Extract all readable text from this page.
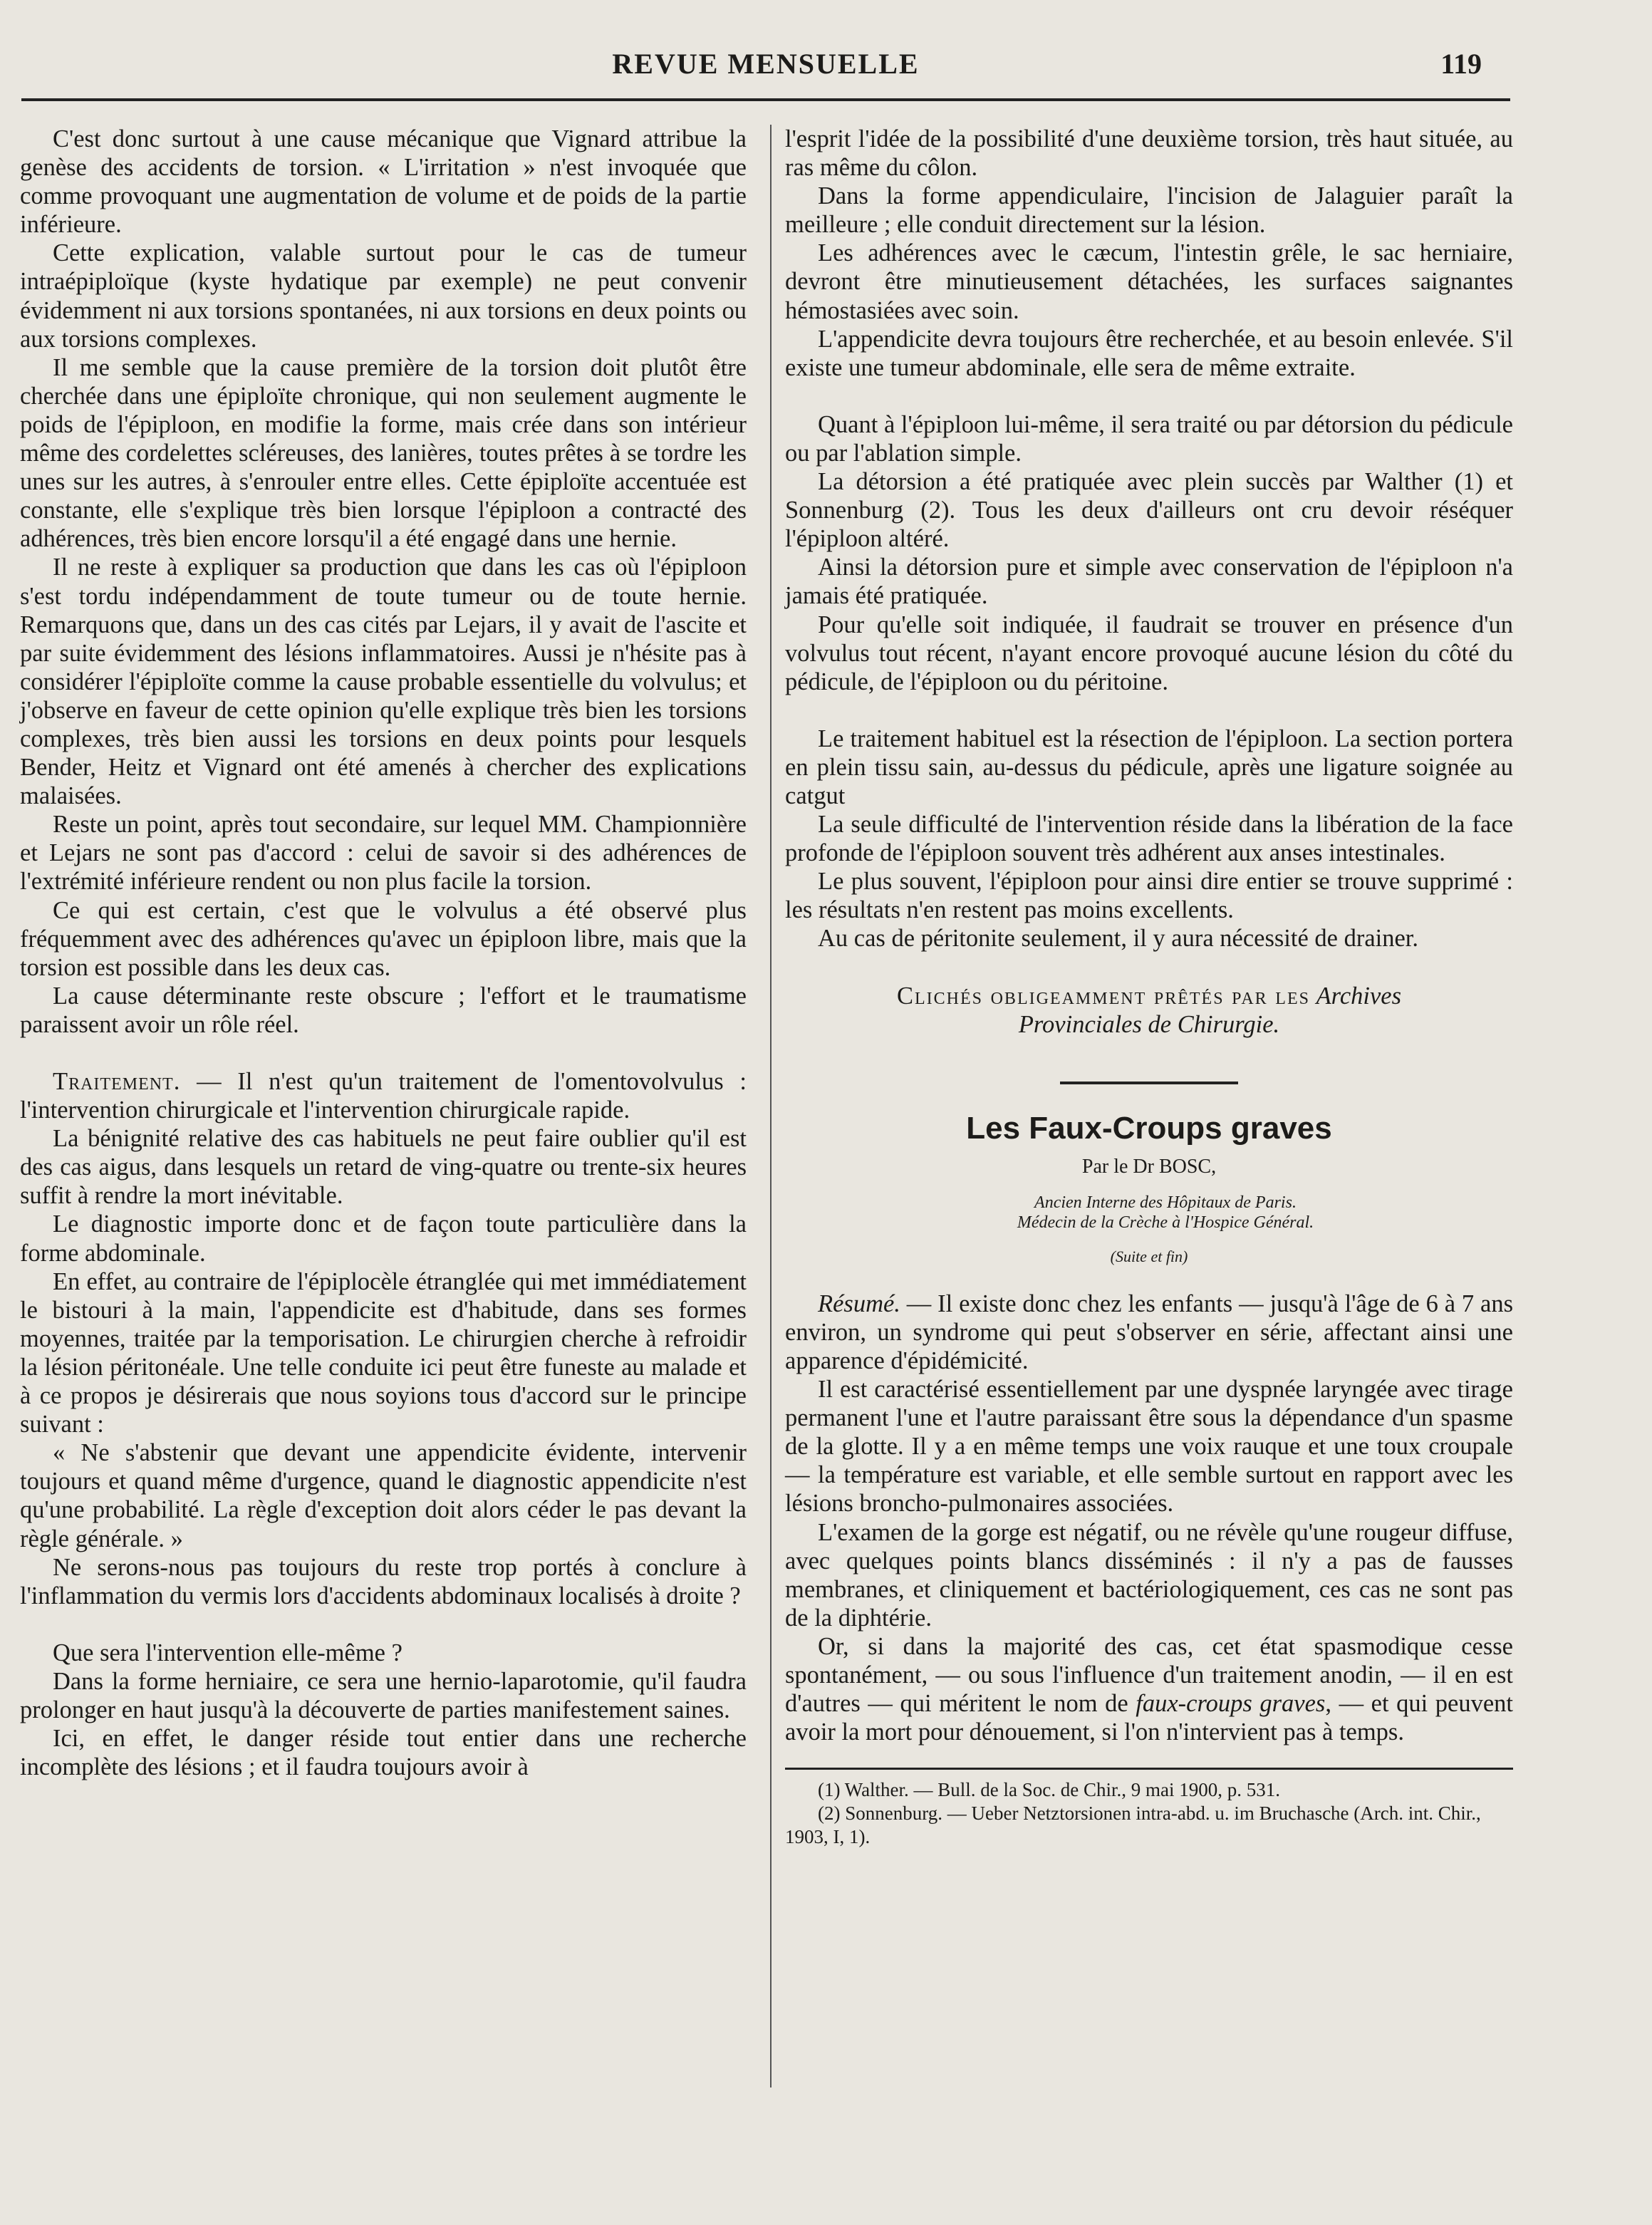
REVUE MENSUELLE	119

C'est donc surtout à une cause mécanique que Vignard attribue la genèse des accidents de torsion. « L'irritation » n'est invoquée que comme provoquant une augmentation de volume et de poids de la partie inférieure.

Cette explication, valable surtout pour le cas de tumeur intraépiploïque (kyste hydatique par exemple) ne peut convenir évidemment ni aux torsions spontanées, ni aux torsions en deux points ou aux torsions complexes.

Il me semble que la cause première de la torsion doit plutôt être cherchée dans une épiploïte chronique, qui non seulement augmente le poids de l'épiploon, en modifie la forme, mais crée dans son intérieur même des cordelettes scléreuses, des lanières, toutes prêtes à se tordre les unes sur les autres, à s'enrouler entre elles. Cette épiploïte accentuée est constante, elle s'explique très bien lorsque l'épiploon a contracté des adhérences, très bien encore lorsqu'il a été engagé dans une hernie.

Il ne reste à expliquer sa production que dans les cas où l'épiploon s'est tordu indépendamment de toute tumeur ou de toute hernie. Remarquons que, dans un des cas cités par Lejars, il y avait de l'ascite et par suite évidemment des lésions inflammatoires. Aussi je n'hésite pas à considérer l'épiploïte comme la cause probable essentielle du volvulus; et j'observe en faveur de cette opinion qu'elle explique très bien les torsions complexes, très bien aussi les torsions en deux points pour lesquels Bender, Heitz et Vignard ont été amenés à chercher des explications malaisées.

Reste un point, après tout secondaire, sur lequel MM. Championnière et Lejars ne sont pas d'accord : celui de savoir si des adhérences de l'extrémité inférieure rendent ou non plus facile la torsion.

Ce qui est certain, c'est que le volvulus a été observé plus fréquemment avec des adhérences qu'avec un épiploon libre, mais que la torsion est possible dans les deux cas.

La cause déterminante reste obscure ; l'effort et le traumatisme paraissent avoir un rôle réel.

Traitement. — Il n'est qu'un traitement de l'omentovolvulus : l'intervention chirurgicale et l'intervention chirurgicale rapide.

La bénignité relative des cas habituels ne peut faire oublier qu'il est des cas aigus, dans lesquels un retard de ving-quatre ou trente-six heures suffit à rendre la mort inévitable.

Le diagnostic importe donc et de façon toute particulière dans la forme abdominale.

En effet, au contraire de l'épiplocèle étranglée qui met immédiatement le bistouri à la main, l'appendicite est d'habitude, dans ses formes moyennes, traitée par la temporisation. Le chirurgien cherche à refroidir la lésion péritonéale. Une telle conduite ici peut être funeste au malade et à ce propos je désirerais que nous soyions tous d'accord sur le principe suivant :

« Ne s'abstenir que devant une appendicite évidente, intervenir toujours et quand même d'urgence, quand le diagnostic appendicite n'est qu'une probabilité. La règle d'exception doit alors céder le pas devant la règle générale. »

Ne serons-nous pas toujours du reste trop portés à conclure à l'inflammation du vermis lors d'accidents abdominaux localisés à droite ?

Que sera l'intervention elle-même ?

Dans la forme herniaire, ce sera une hernio-laparotomie, qu'il faudra prolonger en haut jusqu'à la découverte de parties manifestement saines.

Ici, en effet, le danger réside tout entier dans une recherche incomplète des lésions ; et il faudra toujours avoir à

l'esprit l'idée de la possibilité d'une deuxième torsion, très haut située, au ras même du côlon.

Dans la forme appendiculaire, l'incision de Jalaguier paraît la meilleure ; elle conduit directement sur la lésion.

Les adhérences avec le cæcum, l'intestin grêle, le sac herniaire, devront être minutieusement détachées, les surfaces saignantes hémostasiées avec soin.

L'appendicite devra toujours être recherchée, et au besoin enlevée. S'il existe une tumeur abdominale, elle sera de même extraite.

Quant à l'épiploon lui-même, il sera traité ou par détorsion du pédicule ou par l'ablation simple.

La détorsion a été pratiquée avec plein succès par Walther (1) et Sonnenburg (2). Tous les deux d'ailleurs ont cru devoir réséquer l'épiploon altéré.

Ainsi la détorsion pure et simple avec conservation de l'épiploon n'a jamais été pratiquée.

Pour qu'elle soit indiquée, il faudrait se trouver en présence d'un volvulus tout récent, n'ayant encore provoqué aucune lésion du côté du pédicule, de l'épiploon ou du péritoine.

Le traitement habituel est la résection de l'épiploon. La section portera en plein tissu sain, au-dessus du pédicule, après une ligature soignée au catgut

La seule difficulté de l'intervention réside dans la libération de la face profonde de l'épiploon souvent très adhérent aux anses intestinales.

Le plus souvent, l'épiploon pour ainsi dire entier se trouve supprimé : les résultats n'en restent pas moins excellents.

Au cas de péritonite seulement, il y aura nécessité de drainer.

Clichés obligeamment prêtés par les Archives
Provinciales de Chirurgie.
Les Faux-Croups graves
Par le Dr BOSC,

Ancien Interne des Hôpitaux de Paris.

Médecin de la Crèche à l'Hospice Général.

(Suite et fin)

Résumé. — Il existe donc chez les enfants — jusqu'à l'âge de 6 à 7 ans environ, un syndrome qui peut s'observer en série, affectant ainsi une apparence d'épidémicité.

Il est caractérisé essentiellement par une dyspnée laryngée avec tirage permanent l'une et l'autre paraissant être sous la dépendance d'un spasme de la glotte. Il y a en même temps une voix rauque et une toux croupale — la température est variable, et elle semble surtout en rapport avec les lésions broncho-pulmonaires associées.

L'examen de la gorge est négatif, ou ne révèle qu'une rougeur diffuse, avec quelques points blancs disséminés : il n'y a pas de fausses membranes, et cliniquement et bactériologiquement, ces cas ne sont pas de la diphtérie.

Or, si dans la majorité des cas, cet état spasmodique cesse spontanément, — ou sous l'influence d'un traitement anodin, — il en est d'autres — qui méritent le nom de faux-croups graves, — et qui peuvent avoir la mort pour dénouement, si l'on n'intervient pas à temps.

(1) Walther. — Bull. de la Soc. de Chir., 9 mai 1900, p. 531.

(2) Sonnenburg. — Ueber Netztorsionen intra-abd. u. im Bruchasche (Arch. int. Chir., 1903, I, 1).
